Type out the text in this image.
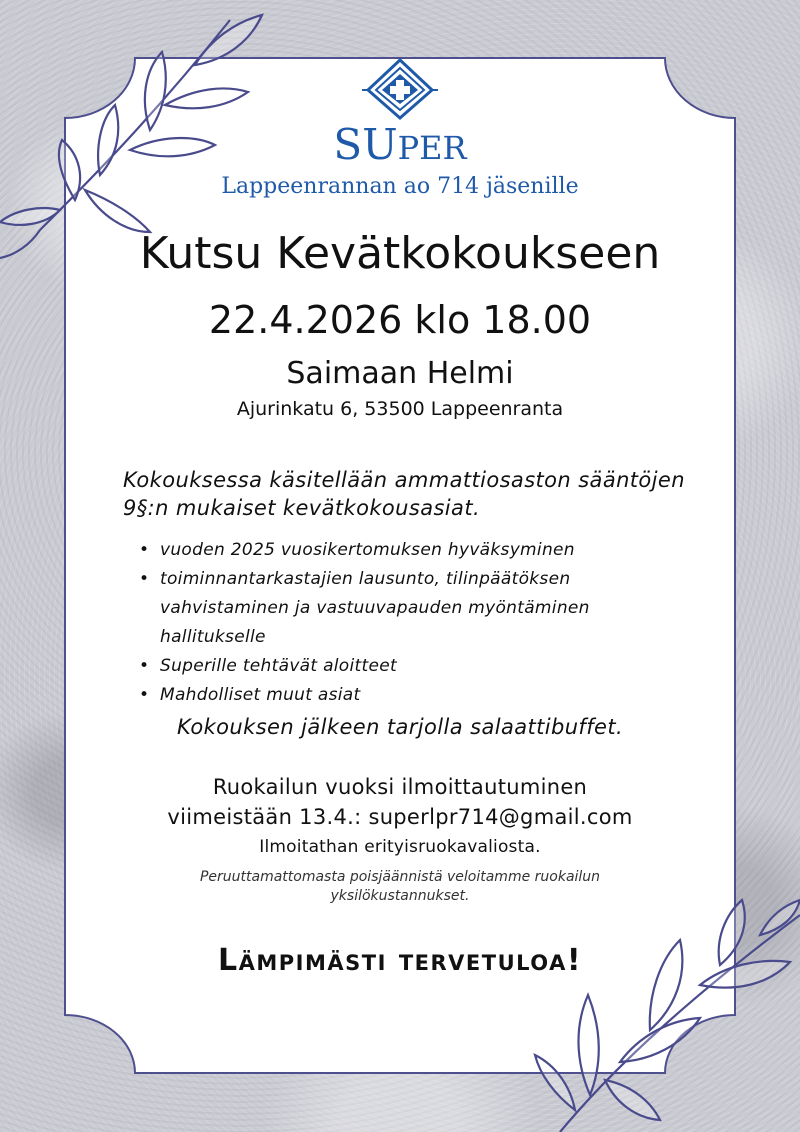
SUPER
Lappeenrannan ao 714 jäsenille
Kutsu Kevätkokoukseen
22.4.2026 klo 18.00
Saimaan Helmi
Ajurinkatu 6, 53500 Lappeenranta
Kokouksessa käsitellään ammattiosaston sääntöjen 9§:n mukaiset kevätkokousasiat.
• vuoden 2025 vuosikertomuksen hyväksyminen
• toiminnantarkastajien lausunto, tilinpäätöksen vahvistaminen ja vastuuvapauden myöntäminen hallitukselle
• Superille tehtävät aloitteet
• Mahdolliset muut asiat
Kokouksen jälkeen tarjolla salaattibuffet.
Ruokailun vuoksi ilmoittautuminen
viimeistään 13.4.: superlpr714@gmail.com
Ilmoitathan erityisruokavaliosta.
Peruuttamattomasta poisjäännistä veloitamme ruokailun yksilökustannukset.
Lämpimästi tervetuloa!
